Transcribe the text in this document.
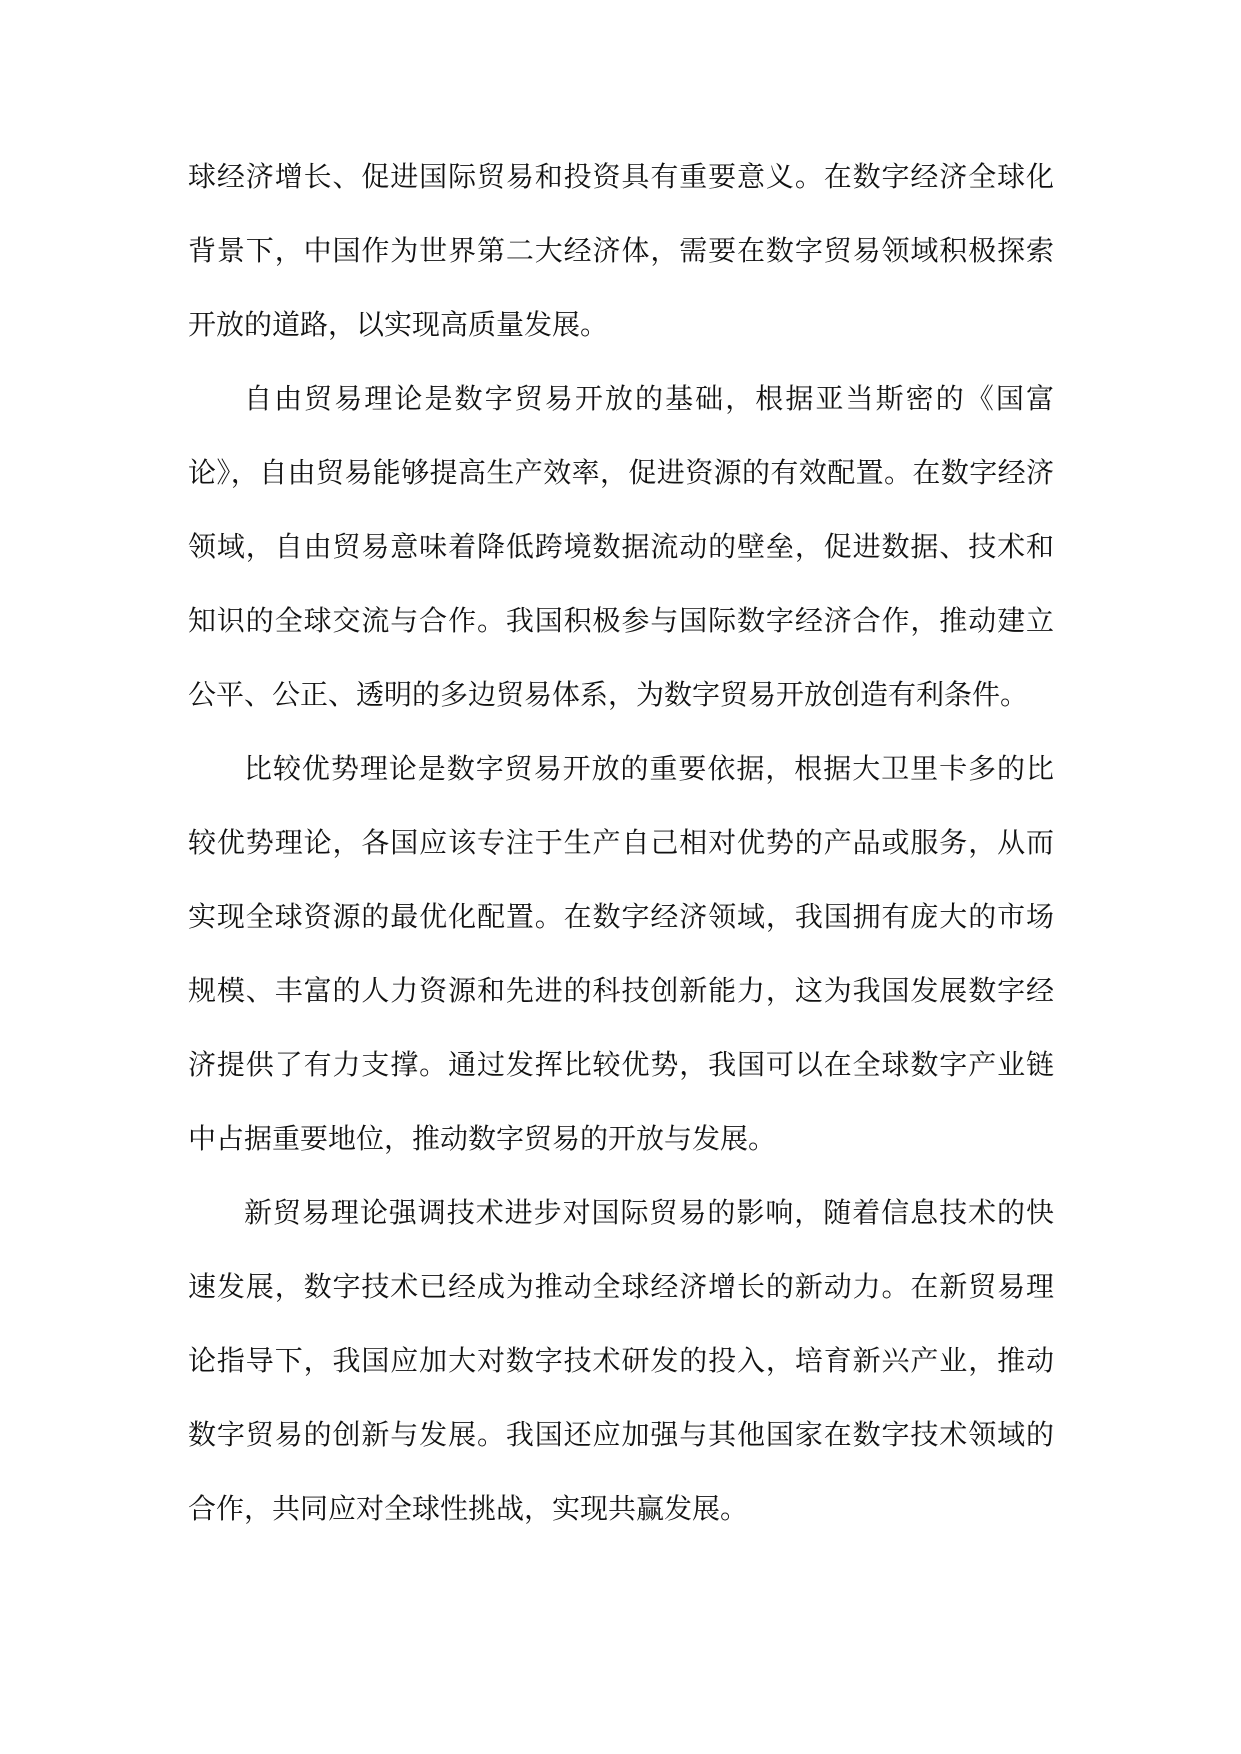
球经济增长、促进国际贸易和投资具有重要意义。在数字经济全球化背景下，中国作为世界第二大经济体，需要在数字贸易领域积极探索开放的道路，以实现高质量发展。

自由贸易理论是数字贸易开放的基础，根据亚当斯密的《国富论》，自由贸易能够提高生产效率，促进资源的有效配置。在数字经济领域，自由贸易意味着降低跨境数据流动的壁垒，促进数据、技术和知识的全球交流与合作。我国积极参与国际数字经济合作，推动建立公平、公正、透明的多边贸易体系，为数字贸易开放创造有利条件。

比较优势理论是数字贸易开放的重要依据，根据大卫里卡多的比较优势理论，各国应该专注于生产自己相对优势的产品或服务，从而实现全球资源的最优化配置。在数字经济领域，我国拥有庞大的市场规模、丰富的人力资源和先进的科技创新能力，这为我国发展数字经济提供了有力支撑。通过发挥比较优势，我国可以在全球数字产业链中占据重要地位，推动数字贸易的开放与发展。

新贸易理论强调技术进步对国际贸易的影响，随着信息技术的快速发展，数字技术已经成为推动全球经济增长的新动力。在新贸易理论指导下，我国应加大对数字技术研发的投入，培育新兴产业，推动数字贸易的创新与发展。我国还应加强与其他国家在数字技术领域的合作，共同应对全球性挑战，实现共赢发展。
